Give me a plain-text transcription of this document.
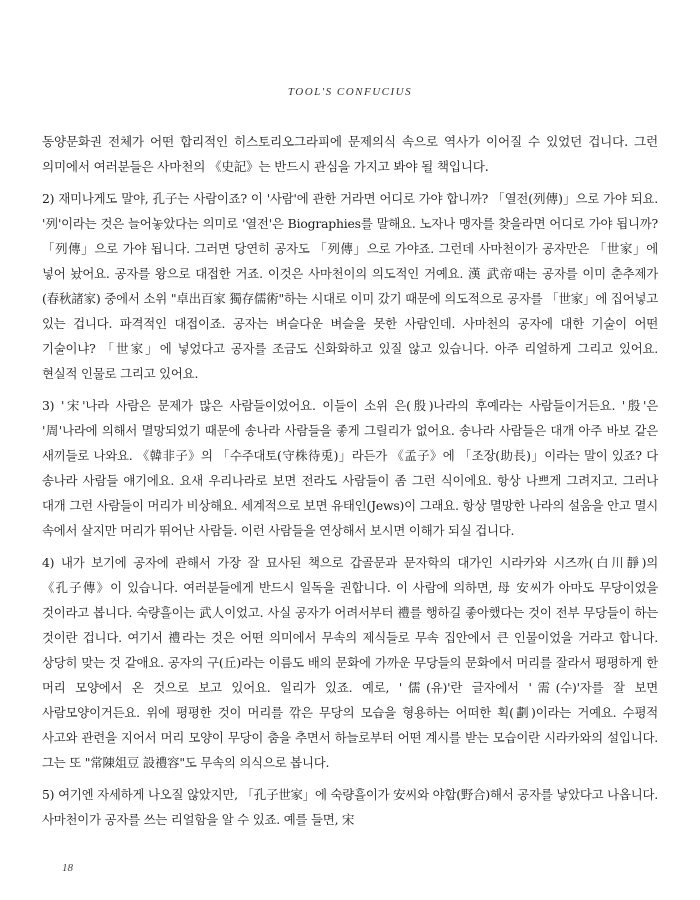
TOOL'S CONFUCIUS

동양문화권 전체가 어떤 합리적인 히스토리오그라피에 문제의식 속으로 역사가 이어질 수 있었던 겁니다. 그런 의미에서 여러분들은 사마천의 《史記》는 반드시 관심을 가지고 봐야 될 책입니다.

2) 재미나게도 말야, 孔子는 사람이죠? 이 '사람'에 관한 거라면 어디로 가야 합니까? 「열전(列傳)」으로 가야 되요. '列'이라는 것은 늘어놓았다는 의미로 '열전'은 Biographies를 말해요. 노자나 맹자를 찾을라면 어디로 가야 됩니까? 「列傳」으로 가야 됩니다. 그러면 당연히 공자도 「列傳」으로 가야죠. 그런데 사마천이가 공자만은 「世家」에 넣어 놨어요. 공자를 왕으로 대접한 거죠. 이것은 사마천이의 의도적인 거예요. 漢 武帝때는 공자를 이미 춘추제가(春秋諸家) 중에서 소위 "卓出百家 獨存儒術"하는 시대로 이미 갔기 때문에 의도적으로 공자를 「世家」에 집어넣고 있는 겁니다. 파격적인 대접이죠. 공자는 벼슬다운 벼슬을 못한 사람인데. 사마천의 공자에 대한 기술이 어떤 기술이냐? 「世家」에 넣었다고 공자를 조금도 신화화하고 있질 않고 있습니다. 아주 리얼하게 그리고 있어요. 현실적 인물로 그리고 있어요.

3) '宋'나라 사람은 문제가 많은 사람들이었어요. 이들이 소위 은(殷)나라의 후예라는 사람들이거든요. '殷'은 '周'나라에 의해서 멸망되었기 때문에 송나라 사람들을 좋게 그릴리가 없어요. 송나라 사람들은 대개 아주 바보 같은 새끼들로 나와요. 《韓非子》의 「수주대토(守株待兎)」라든가 《孟子》에 「조장(助長)」이라는 말이 있죠? 다 송나라 사람들 얘기에요. 요새 우리나라로 보면 전라도 사람들이 좀 그런 식이에요. 항상 나쁘게 그려지고. 그러나 대개 그런 사람들이 머리가 비상해요. 세계적으로 보면 유태인(Jews)이 그래요. 항상 멸망한 나라의 설움을 안고 멸시 속에서 살지만 머리가 뛰어난 사람들. 이런 사람들을 연상해서 보시면 이해가 되실 겁니다.

4) 내가 보기에 공자에 관해서 가장 잘 묘사된 책으로 갑골문과 문자학의 대가인 시라카와 시즈까(白川靜)의 《孔子傳》이 있습니다. 여러분들에게 반드시 일독을 권합니다. 이 사람에 의하면, 母 安씨가 아마도 무당이었을 것이라고 봅니다. 숙량흘이는 武人이었고. 사실 공자가 어려서부터 禮를 행하길 좋아했다는 것이 전부 무당들이 하는 것이란 겁니다. 여기서 禮라는 것은 어떤 의미에서 무속의 제식들로 무속 집안에서 큰 인물이었을 거라고 합니다. 상당히 맞는 것 같애요. 공자의 구(丘)라는 이름도 배의 문화에 가까운 무당들의 문화에서 머리를 잘라서 평평하게 한 머리 모양에서 온 것으로 보고 있어요. 일리가 있죠. 예로, '儒(유)'란 글자에서 '需(수)'자를 잘 보면 사람모양이거든요. 위에 평평한 것이 머리를 깎은 무당의 모습을 형용하는 어떠한 획(劃)이라는 거예요. 수평적 사고와 관련을 지어서 머리 모양이 무당이 춤을 추면서 하늘로부터 어떤 계시를 받는 모습이란 시라카와의 설입니다. 그는 또 "常陳俎豆 設禮容"도 무속의 의식으로 봅니다.

5) 여기엔 자세하게 나오질 않았지만, 「孔子世家」에 숙량흘이가 安씨와 야합(野合)해서 공자를 낳았다고 나옵니다. 사마천이가 공자를 쓰는 리얼함을 알 수 있죠. 예를 들면, 宋

18
